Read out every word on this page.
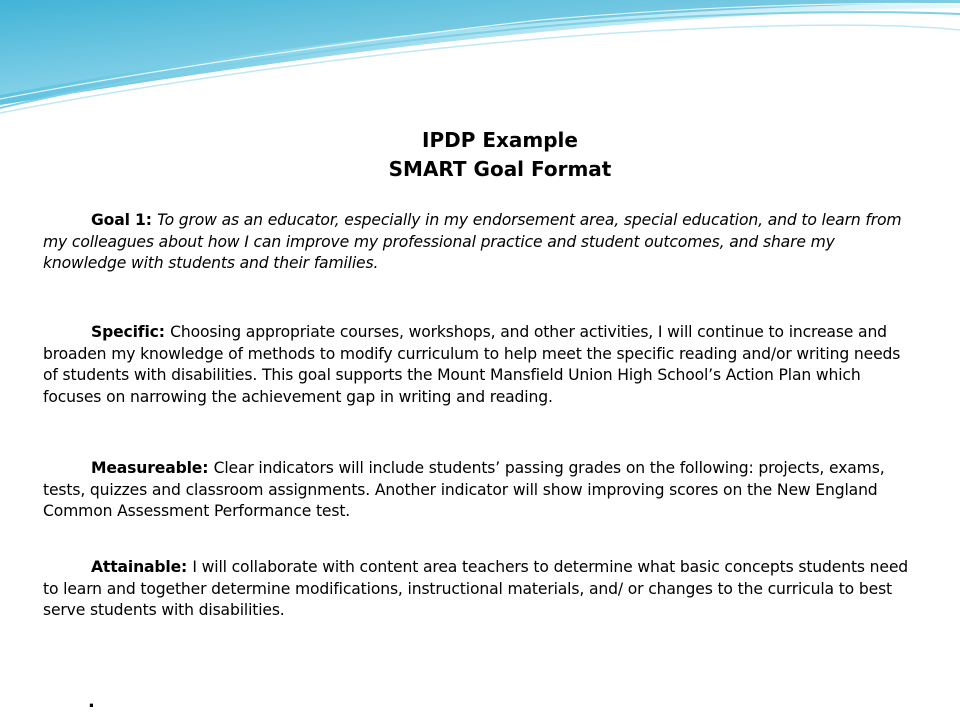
IPDP Example
SMART Goal Format
Goal 1: To grow as an educator, especially in my endorsement area, special education, and to learn from my colleagues about how I can improve my professional practice and student outcomes, and share my knowledge with students and their families.
Specific: Choosing appropriate courses, workshops, and other activities, I will continue to increase and broaden my knowledge of methods to modify curriculum to help meet the specific reading and/or writing needs of students with disabilities. This goal supports the Mount Mansfield Union High School’s Action Plan which focuses on narrowing the achievement gap in writing and reading.
Measureable: Clear indicators will include students’ passing grades on the following: projects, exams, tests, quizzes and classroom assignments. Another indicator will show improving scores on the New England Common Assessment Performance test.
Attainable: I will collaborate with content area teachers to determine what basic concepts students need to learn and together determine modifications, instructional materials, and/ or changes to the curricula to best serve students with disabilities.
.
